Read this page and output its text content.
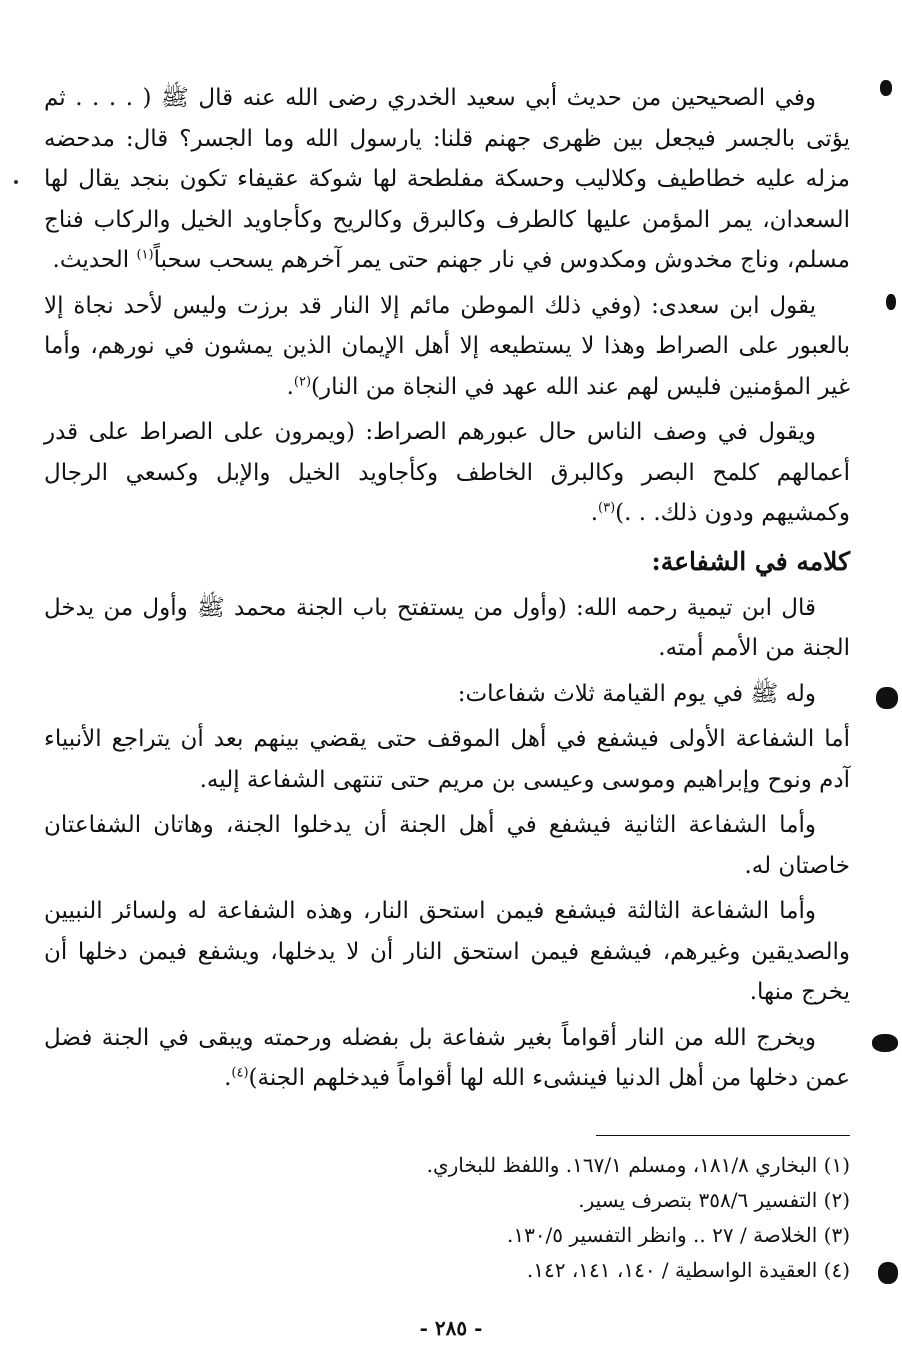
وفي الصحيحين من حديث أبي سعيد الخدري رضى الله عنه قال ﷺ ( . . . . ثم يؤتى بالجسر فيجعل بين ظهرى جهنم قلنا: يارسول الله وما الجسر؟ قال: مدحضه مزله عليه خطاطيف وكلاليب وحسكة مفلطحة لها شوكة عقيفاء تكون بنجد يقال لها السعدان، يمر المؤمن عليها كالطرف وكالبرق وكالريح وكأجاويد الخيل والركاب فناج مسلم، وناج مخدوش ومكدوس في نار جهنم حتى يمر آخرهم يسحب سحباً$^{(١)}$ الحديث.

يقول ابن سعدى: (وفي ذلك الموطن مائم إلا النار قد برزت وليس لأحد نجاة إلا بالعبور على الصراط وهذا لا يستطيعه إلا أهل الإيمان الذين يمشون في نورهم، وأما غير المؤمنين فليس لهم عند الله عهد في النجاة من النار)$^{(٢)}$.

ويقول في وصف الناس حال عبورهم الصراط: (ويمرون على الصراط على قدر أعمالهم كلمح البصر وكالبرق الخاطف وكأجاويد الخيل والإبل وكسعي الرجال وكمشيهم ودون ذلك. . .)$^{(٣)}$.

كلامه في الشفاعة:

قال ابن تيمية رحمه الله: (وأول من يستفتح باب الجنة محمد ﷺ وأول من يدخل الجنة من الأمم أمته.

وله ﷺ في يوم القيامة ثلاث شفاعات:

أما الشفاعة الأولى فيشفع في أهل الموقف حتى يقضي بينهم بعد أن يتراجع الأنبياء آدم ونوح وإبراهيم وموسى وعيسى بن مريم حتى تنتهى الشفاعة إليه.

وأما الشفاعة الثانية فيشفع في أهل الجنة أن يدخلوا الجنة، وهاتان الشفاعتان خاصتان له.

وأما الشفاعة الثالثة فيشفع فيمن استحق النار، وهذه الشفاعة له ولسائر النبيين والصديقين وغيرهم، فيشفع فيمن استحق النار أن لا يدخلها، ويشفع فيمن دخلها أن يخرج منها.

ويخرج الله من النار أقواماً بغير شفاعة بل بفضله ورحمته ويبقى في الجنة فضل عمن دخلها من أهل الدنيا فينشىء الله لها أقواماً فيدخلهم الجنة)$^{(٤)}$.

(١) البخاري ١٨١/٨، ومسلم ١٦٧/١. واللفظ للبخاري.
(٢) التفسير ٣٥٨/٦ بتصرف يسير.
(٣) الخلاصة / ٢٧ .. وانظر التفسير ١٣٠/٥.
(٤) العقيدة الواسطية / ١٤٠، ١٤١، ١٤٢.
- ٢٨٥ -
